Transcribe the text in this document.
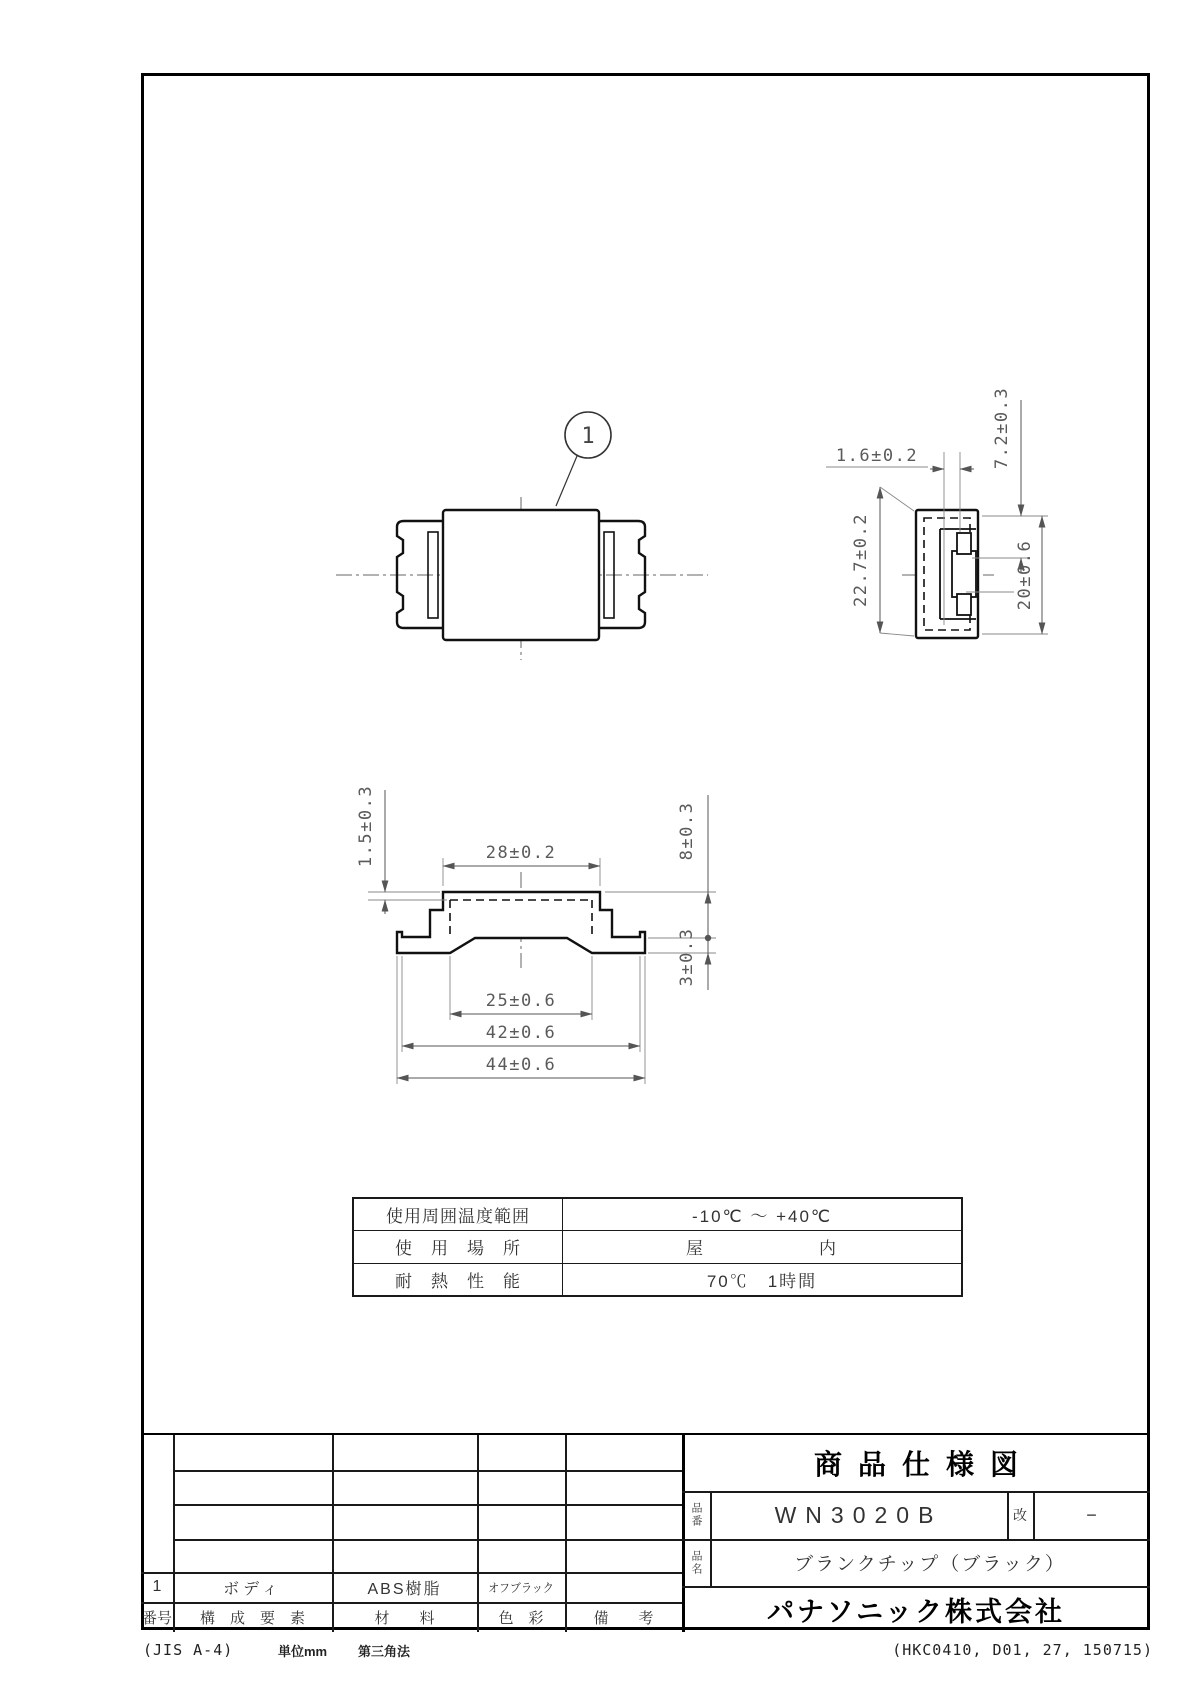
1
1.6±0.2
22.7±0.2
7.2±0.3
20±0.6
1.5±0.3	28±0.2	8±0.3
3±0.3
25±0.6
42±0.6
44±0.6
使用周囲温度範囲	-10℃ ～ +40℃
使　用　場　所	屋　　　　　　内
耐　熱　性　能	70℃　1時間
1	ボディ	ABS樹脂	オフブラック
番号	構　成　要　素	材　　料	色　彩	備　　考
商品仕様図
品番	WN3020B	改	−
品名	ブランクチップ（ブラック）
パナソニック株式会社
(JIS A-4)	単位mm 第三角法	(HKC0410, D01, 27, 150715)
